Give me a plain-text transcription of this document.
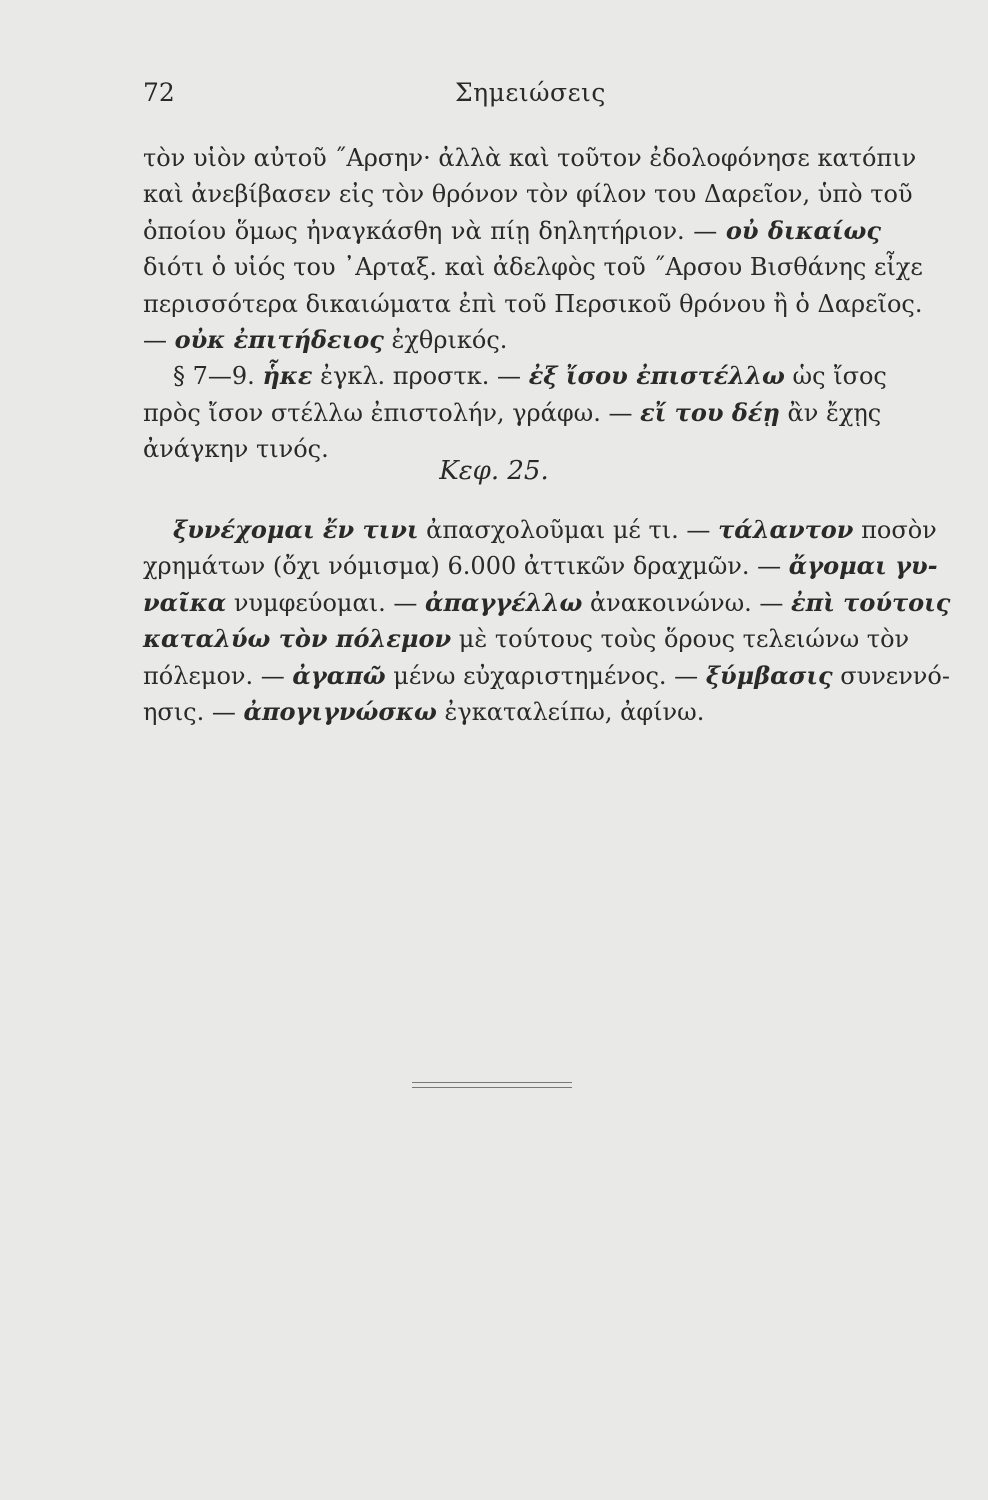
72	Σημειώσεις
τὸν υἱὸν αὐτοῦ ˝Αρσην· ἀλλὰ καὶ τοῦτον ἐδολοφόνησε κατόπιν
καὶ ἀνεβίβασεν εἰς τὸν θρόνον τὸν φίλον του Δαρεῖον, ὑπὸ τοῦ
ὁποίου ὅμως ἠναγκάσθη νὰ πίῃ δηλητήριον. — οὐ δικαίως
διότι ὁ υἱός του ᾿Αρταξ. καὶ ἀδελφὸς τοῦ ˝Αρσου Βισθάνης εἶχε
περισσότερα δικαιώματα ἐπὶ τοῦ Περσικοῦ θρόνου ἢ ὁ Δαρεῖος.
— οὐκ ἐπιτήδειος ἐχθρικός.
§ 7—9. ἧκε ἐγκλ. προστκ. — ἐξ ἴσου ἐπιστέλλω ὡς ἴσος
πρὸς ἴσον στέλλω ἐπιστολήν, γράφω. — εἴ του δέῃ ἂν ἔχῃς
ἀνάγκην τινός.
Κεφ. 25.
ξυνέχομαι ἔν τινι ἀπασχολοῦμαι μέ τι. — τάλαντον ποσὸν
χρημάτων (ὄχι νόμισμα) 6.000 ἀττικῶν δραχμῶν. — ἄγομαι γυ-
ναῖκα νυμφεύομαι. — ἀπαγγέλλω ἀνακοινώνω. — ἐπὶ τούτοις
καταλύω τὸν πόλεμον μὲ τούτους τοὺς ὅρους τελειώνω τὸν
πόλεμον. — ἀγαπῶ μένω εὐχαριστημένος. — ξύμβασις συνεννό-
ησις. — ἀπογιγνώσκω ἐγκαταλείπω, ἀφίνω.
